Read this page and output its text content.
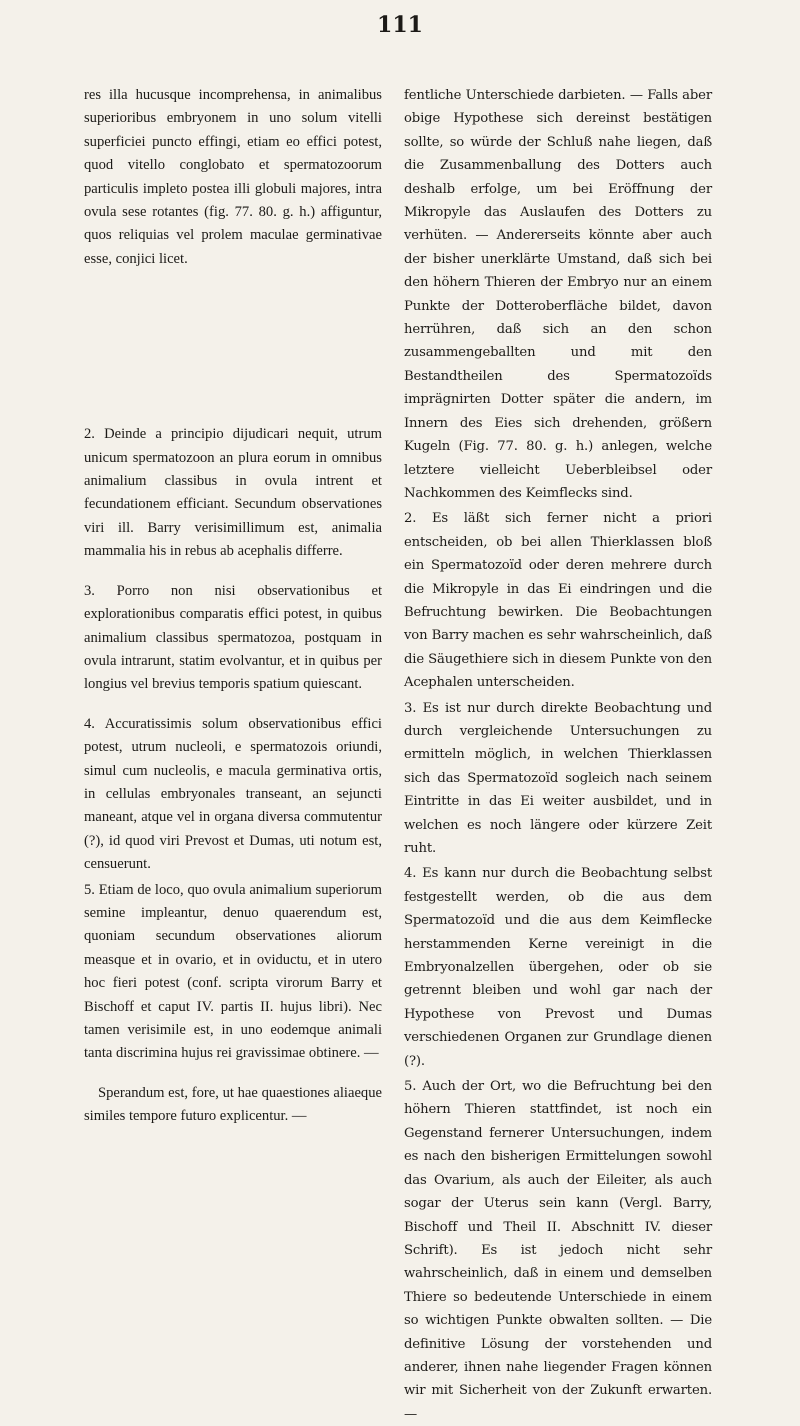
111

res illa hucusque incomprehensa, in animalibus superioribus embryonem in uno solum vitelli superficiei puncto effingi, etiam eo effici potest, quod vitello conglobato et spermatozoorum particulis impleto postea illi globuli majores, intra ovula sese rotantes (fig. 77. 80. g. h.) affiguntur, quos reliquias vel prolem maculae germinativae esse, conjici licet.

2. Deinde a principio dijudicari nequit, utrum unicum spermatozoon an plura eorum in omnibus animalium classibus in ovula intrent et fecundationem efficiant. Secundum observationes viri ill. Barry verisimillimum est, animalia mammalia his in rebus ab acephalis differre.

3. Porro non nisi observationibus et explorationibus comparatis effici potest, in quibus animalium classibus spermatozoa, postquam in ovula intrarunt, statim evolvantur, et in quibus per longius vel brevius temporis spatium quiescant.

4. Accuratissimis solum observationibus effici potest, utrum nucleoli, e spermatozois oriundi, simul cum nucleolis, e macula germinativa ortis, in cellulas embryonales transeant, an sejuncti maneant, atque vel in organa diversa commutentur (?), id quod viri Prevost et Dumas, uti notum est, censuerunt.

5. Etiam de loco, quo ovula animalium superiorum semine impleantur, denuo quaerendum est, quoniam secundum observationes aliorum measque et in ovario, et in oviductu, et in utero hoc fieri potest (conf. scripta virorum Barry et Bischoff et caput IV. partis II. hujus libri). Nec tamen verisimile est, in uno eodemque animali tanta discrimina hujus rei gravissimae obtinere. —

Sperandum est, fore, ut hae quaestiones aliaeque similes tempore futuro explicentur. —

fentliche Unterschiede darbieten. — Falls aber obige Hypothese sich dereinst bestätigen sollte, so würde der Schluß nahe liegen, daß die Zusammenballung des Dotters auch deshalb erfolge, um bei Eröffnung der Mikropyle das Auslaufen des Dotters zu verhüten. — Andererseits könnte aber auch der bisher unerklärte Umstand, daß sich bei den höhern Thieren der Embryo nur an einem Punkte der Dotteroberfläche bildet, davon herrühren, daß sich an den schon zusammengeballten und mit den Bestandtheilen des Spermatozoïds imprägnirten Dotter später die andern, im Innern des Eies sich drehenden, größern Kugeln (Fig. 77. 80. g. h.) anlegen, welche letztere vielleicht Ueberbleibsel oder Nachkommen des Keimflecks sind.

2. Es läßt sich ferner nicht a priori entscheiden, ob bei allen Thierklassen bloß ein Spermatozoïd oder deren mehrere durch die Mikropyle in das Ei eindringen und die Befruchtung bewirken. Die Beobachtungen von Barry machen es sehr wahrscheinlich, daß die Säugethiere sich in diesem Punkte von den Acephalen unterscheiden.

3. Es ist nur durch direkte Beobachtung und durch vergleichende Untersuchungen zu ermitteln möglich, in welchen Thierklassen sich das Spermatozoïd sogleich nach seinem Eintritte in das Ei weiter ausbildet, und in welchen es noch längere oder kürzere Zeit ruht.

4. Es kann nur durch die Beobachtung selbst festgestellt werden, ob die aus dem Spermatozoïd und die aus dem Keimflecke herstammenden Kerne vereinigt in die Embryonalzellen übergehen, oder ob sie getrennt bleiben und wohl gar nach der Hypothese von Prevost und Dumas verschiedenen Organen zur Grundlage dienen (?).

5. Auch der Ort, wo die Befruchtung bei den höhern Thieren stattfindet, ist noch ein Gegenstand fernerer Untersuchungen, indem es nach den bisherigen Ermittelungen sowohl das Ovarium, als auch der Eileiter, als auch sogar der Uterus sein kann (Vergl. Barry, Bischoff und Theil II. Abschnitt IV. dieser Schrift). Es ist jedoch nicht sehr wahrscheinlich, daß in einem und demselben Thiere so bedeutende Unterschiede in einem so wichtigen Punkte obwalten sollten. — Die definitive Lösung der vorstehenden und anderer, ihnen nahe liegender Fragen können wir mit Sicherheit von der Zukunft erwarten. —
